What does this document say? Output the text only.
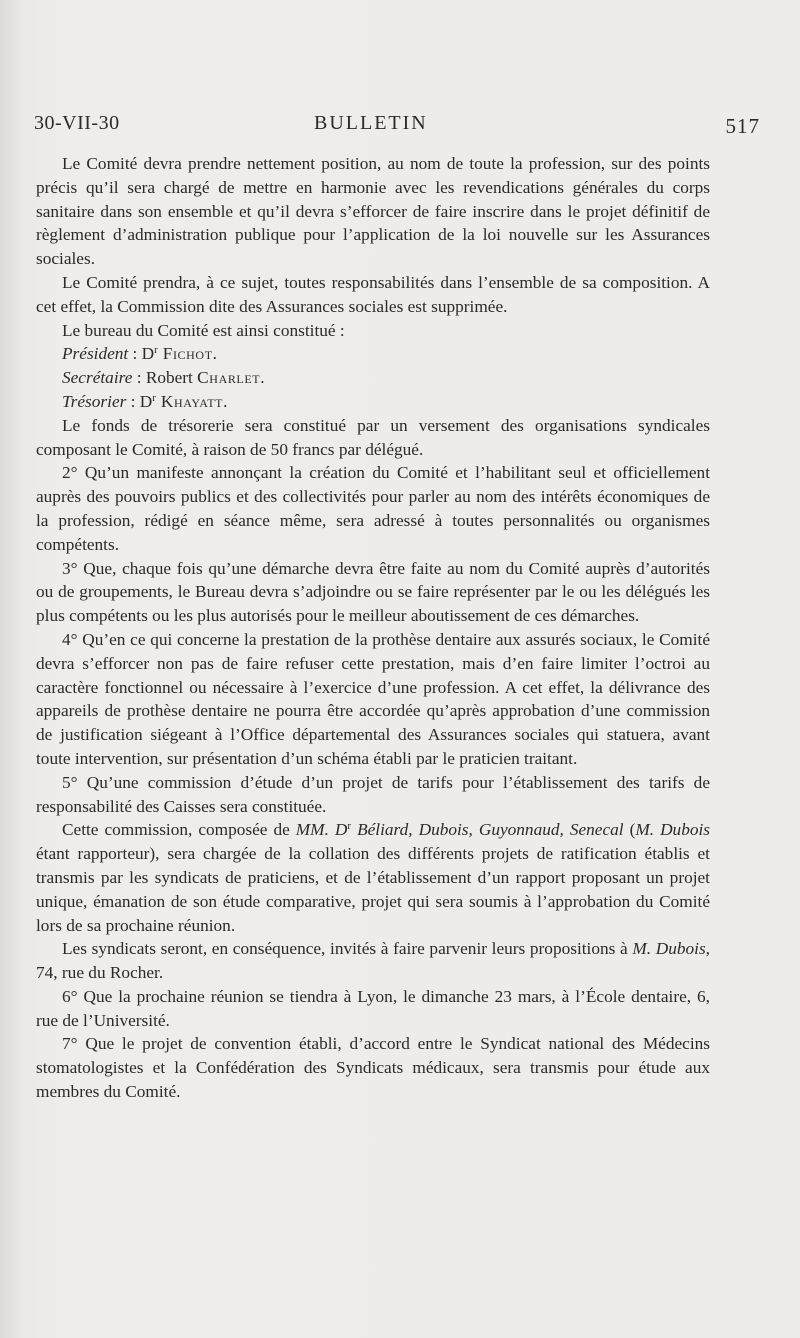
30-VII-30	BULLETIN	517

Le Comité devra prendre nettement position, au nom de toute la profession, sur des points précis qu’il sera chargé de mettre en harmonie avec les revendications générales du corps sanitaire dans son ensemble et qu’il devra s’efforcer de faire inscrire dans le projet définitif de règlement d’administration publique pour l’application de la loi nouvelle sur les Assurances sociales.

Le Comité prendra, à ce sujet, toutes responsabilités dans l’ensemble de sa composition. A cet effet, la Commission dite des Assurances sociales est supprimée.

Le bureau du Comité est ainsi constitué :

Président : $D^r$ Fichot.

Secrétaire : Robert Charlet.

Trésorier : $D^r$ Khayatt.

Le fonds de trésorerie sera constitué par un versement des organisations syndicales composant le Comité, à raison de 50 francs par délégué.

2° Qu’un manifeste annonçant la création du Comité et l’habilitant seul et officiellement auprès des pouvoirs publics et des collectivités pour parler au nom des intérêts économiques de la profession, rédigé en séance même, sera adressé à toutes personnalités ou organismes compétents.

3° Que, chaque fois qu’une démarche devra être faite au nom du Comité auprès d’autorités ou de groupements, le Bureau devra s’adjoindre ou se faire représenter par le ou les délégués les plus compétents ou les plus autorisés pour le meilleur aboutissement de ces démarches.

4° Qu’en ce qui concerne la prestation de la prothèse dentaire aux assurés sociaux, le Comité devra s’efforcer non pas de faire refuser cette prestation, mais d’en faire limiter l’octroi au caractère fonctionnel ou nécessaire à l’exercice d’une profession. A cet effet, la délivrance des appareils de prothèse dentaire ne pourra être accordée qu’après approbation d’une commission de justification siégeant à l’Office départemental des Assurances sociales qui statuera, avant toute intervention, sur présentation d’un schéma établi par le praticien traitant.

5° Qu’une commission d’étude d’un projet de tarifs pour l’établissement des tarifs de responsabilité des Caisses sera constituée.

Cette commission, composée de MM. $D^r$ Béliard, Dubois, Guyonnaud, Senecal (M. Dubois étant rapporteur), sera chargée de la collation des différents projets de ratification établis et transmis par les syndicats de praticiens, et de l’établissement d’un rapport proposant un projet unique, émanation de son étude comparative, projet qui sera soumis à l’approbation du Comité lors de sa prochaine réunion.

Les syndicats seront, en conséquence, invités à faire parvenir leurs propositions à M. Dubois, 74, rue du Rocher.

6° Que la prochaine réunion se tiendra à Lyon, le dimanche 23 mars, à l’École dentaire, 6, rue de l’Université.

7° Que le projet de convention établi, d’accord entre le Syndicat national des Médecins stomatologistes et la Confédération des Syndicats médicaux, sera transmis pour étude aux membres du Comité.
